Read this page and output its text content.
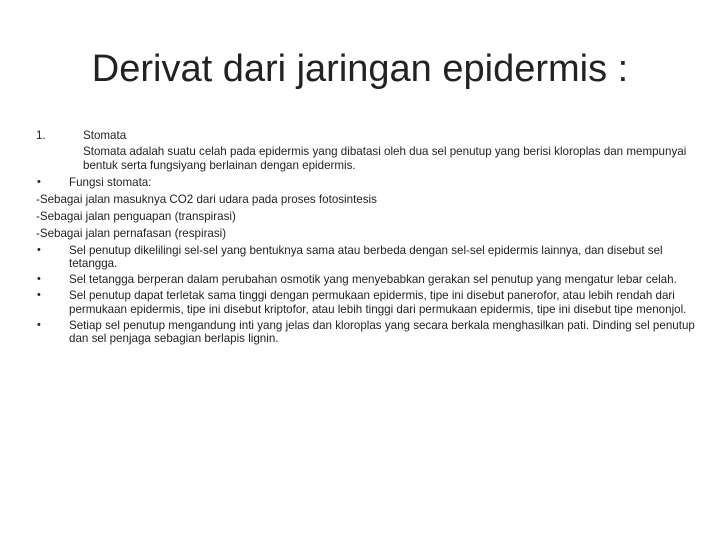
Derivat dari jaringan epidermis :
1.	Stomata
Stomata adalah suatu celah pada epidermis yang dibatasi oleh dua sel penutup yang berisi kloroplas dan mempunyai bentuk serta fungsiyang berlainan dengan epidermis.
•	Fungsi stomata:
-Sebagai jalan masuknya CO2 dari udara pada proses fotosintesis
-Sebagai jalan penguapan (transpirasi)
-Sebagai jalan pernafasan (respirasi)
•	Sel penutup dikelilingi sel-sel yang bentuknya sama atau berbeda dengan sel-sel epidermis lainnya, dan disebut sel tetangga.
•	Sel tetangga berperan dalam perubahan osmotik yang menyebabkan gerakan sel penutup yang mengatur lebar celah.
•	Sel penutup dapat terletak sama tinggi dengan permukaan epidermis, tipe ini disebut panerofor, atau lebih rendah dari permukaan epidermis, tipe ini disebut kriptofor, atau lebih tinggi dari permukaan epidermis, tipe ini disebut tipe menonjol.
•	Setiap sel penutup mengandung inti yang jelas dan kloroplas yang secara berkala menghasilkan pati. Dinding sel penutup dan sel penjaga sebagian berlapis lignin.
